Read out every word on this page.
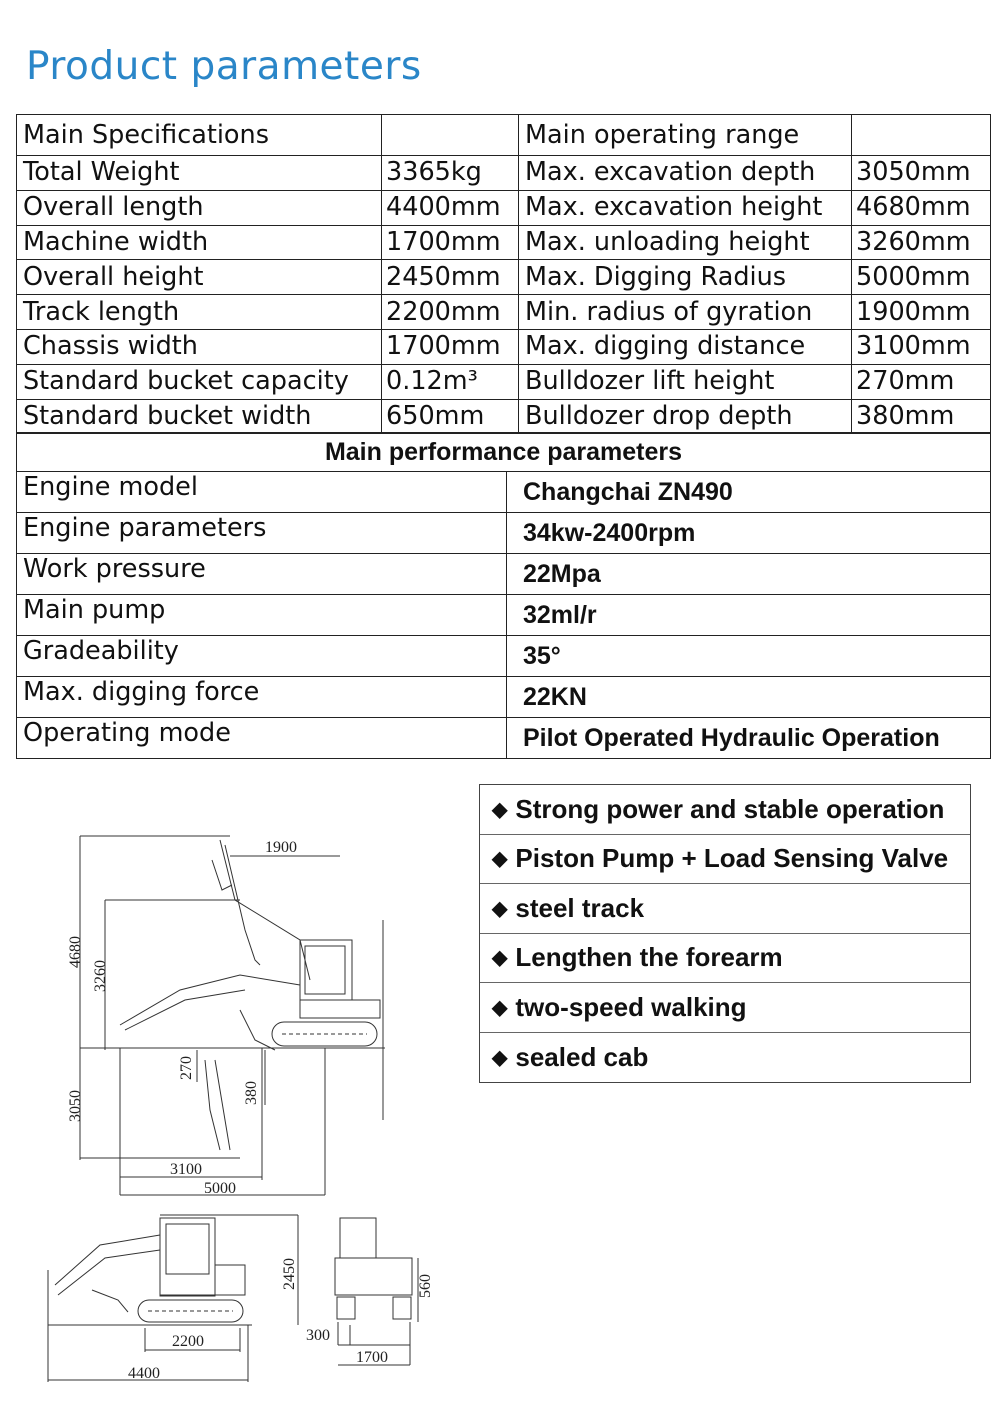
Product parameters
Main Specifications		Main operating range	
Total Weight	3365kg	Max. excavation depth	3050mm
Overall length	4400mm	Max. excavation height	4680mm
Machine width	1700mm	Max. unloading height	3260mm
Overall height	2450mm	Max. Digging Radius	5000mm
Track length	2200mm	Min. radius of gyration	1900mm
Chassis width	1700mm	Max. digging distance	3100mm
Standard bucket capacity	0.12m³	Bulldozer lift height	270mm
Standard bucket width	650mm	Bulldozer drop depth	380mm
Main performance parameters	
Engine model	Changchai ZN490
Engine parameters	34kw-2400rpm
Work pressure	22Mpa
Main pump	32ml/r
Gradeability	35°
Max. digging force	22KN
Operating mode	Pilot Operated Hydraulic Operation
◆ Strong power and stable operation
◆ Piston Pump + Load Sensing Valve
◆ steel track
◆ Lengthen the forearm
◆ two-speed walking
◆ sealed cab
1900
4680
3260
270
380
3050
3100
5000
2450
2200
4400
300
1700
560
